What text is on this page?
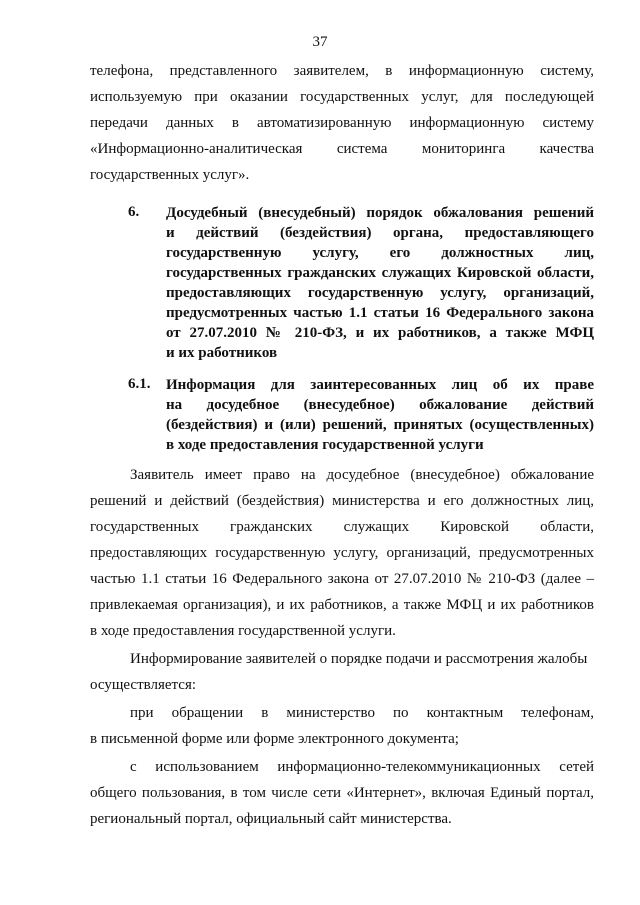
37
телефона, представленного заявителем, в информационную систему,
используемую при оказании государственных услуг, для последующей
передачи данных в автоматизированную информационную систему
«Информационно-аналитическая система мониторинга качества
государственных услуг».
6. Досудебный (внесудебный) порядок обжалования решений
и действий (бездействия) органа, предоставляющего
государственную услугу, его должностных лиц,
государственных гражданских служащих Кировской области,
предоставляющих государственную услугу, организаций,
предусмотренных частью 1.1 статьи 16 Федерального закона
от 27.07.2010 № 210-ФЗ, и их работников, а также МФЦ
и их работников
6.1. Информация для заинтересованных лиц об их праве
на досудебное (внесудебное) обжалование действий
(бездействия) и (или) решений, принятых (осуществленных)
в ходе предоставления государственной услуги
Заявитель имеет право на досудебное (внесудебное) обжалование
решений и действий (бездействия) министерства и его должностных лиц,
государственных гражданских служащих Кировской области,
предоставляющих государственную услугу, организаций, предусмотренных
частью 1.1 статьи 16 Федерального закона от 27.07.2010 № 210-ФЗ (далее –
привлекаемая организация), и их работников, а также МФЦ и их работников
в ходе предоставления государственной услуги.
Информирование заявителей о порядке подачи и рассмотрения жалобы
осуществляется:
при обращении в министерство по контактным телефонам,
в письменной форме или форме электронного документа;
с использованием информационно-телекоммуникационных сетей
общего пользования, в том числе сети «Интернет», включая Единый портал,
региональный портал, официальный сайт министерства.
